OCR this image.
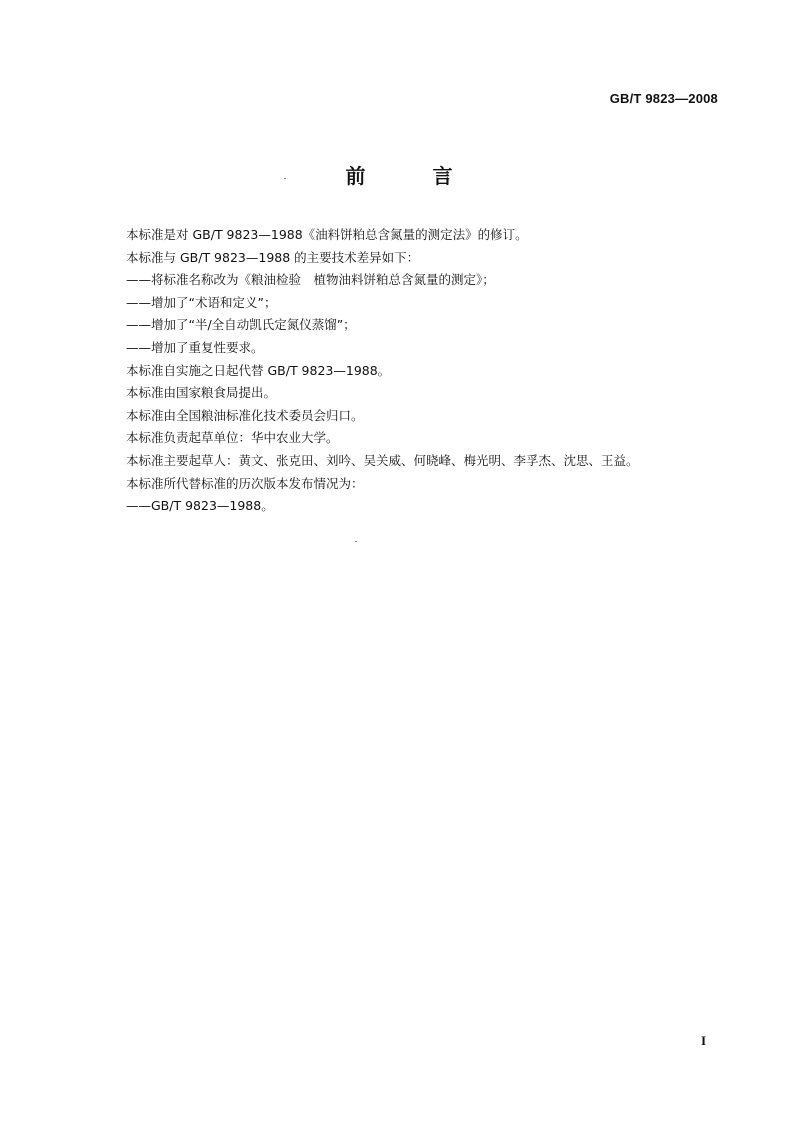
GB/T 9823—2008
前 言
本标准是对 GB/T 9823—1988《油料饼粕总含氮量的测定法》的修订。
本标准与 GB/T 9823—1988 的主要技术差异如下：
——将标准名称改为《粮油检验　植物油料饼粕总含氮量的测定》；
——增加了“术语和定义”；
——增加了“半/全自动凯氏定氮仪蒸馏”；
——增加了重复性要求。
本标准自实施之日起代替 GB/T 9823—1988。
本标准由国家粮食局提出。
本标准由全国粮油标准化技术委员会归口。
本标准负责起草单位：华中农业大学。
本标准主要起草人：黄文、张克田、刘吟、吴关威、何晓峰、梅光明、李孚杰、沈思、王益。
本标准所代替标准的历次版本发布情况为：
——GB/T 9823—1988。
I
